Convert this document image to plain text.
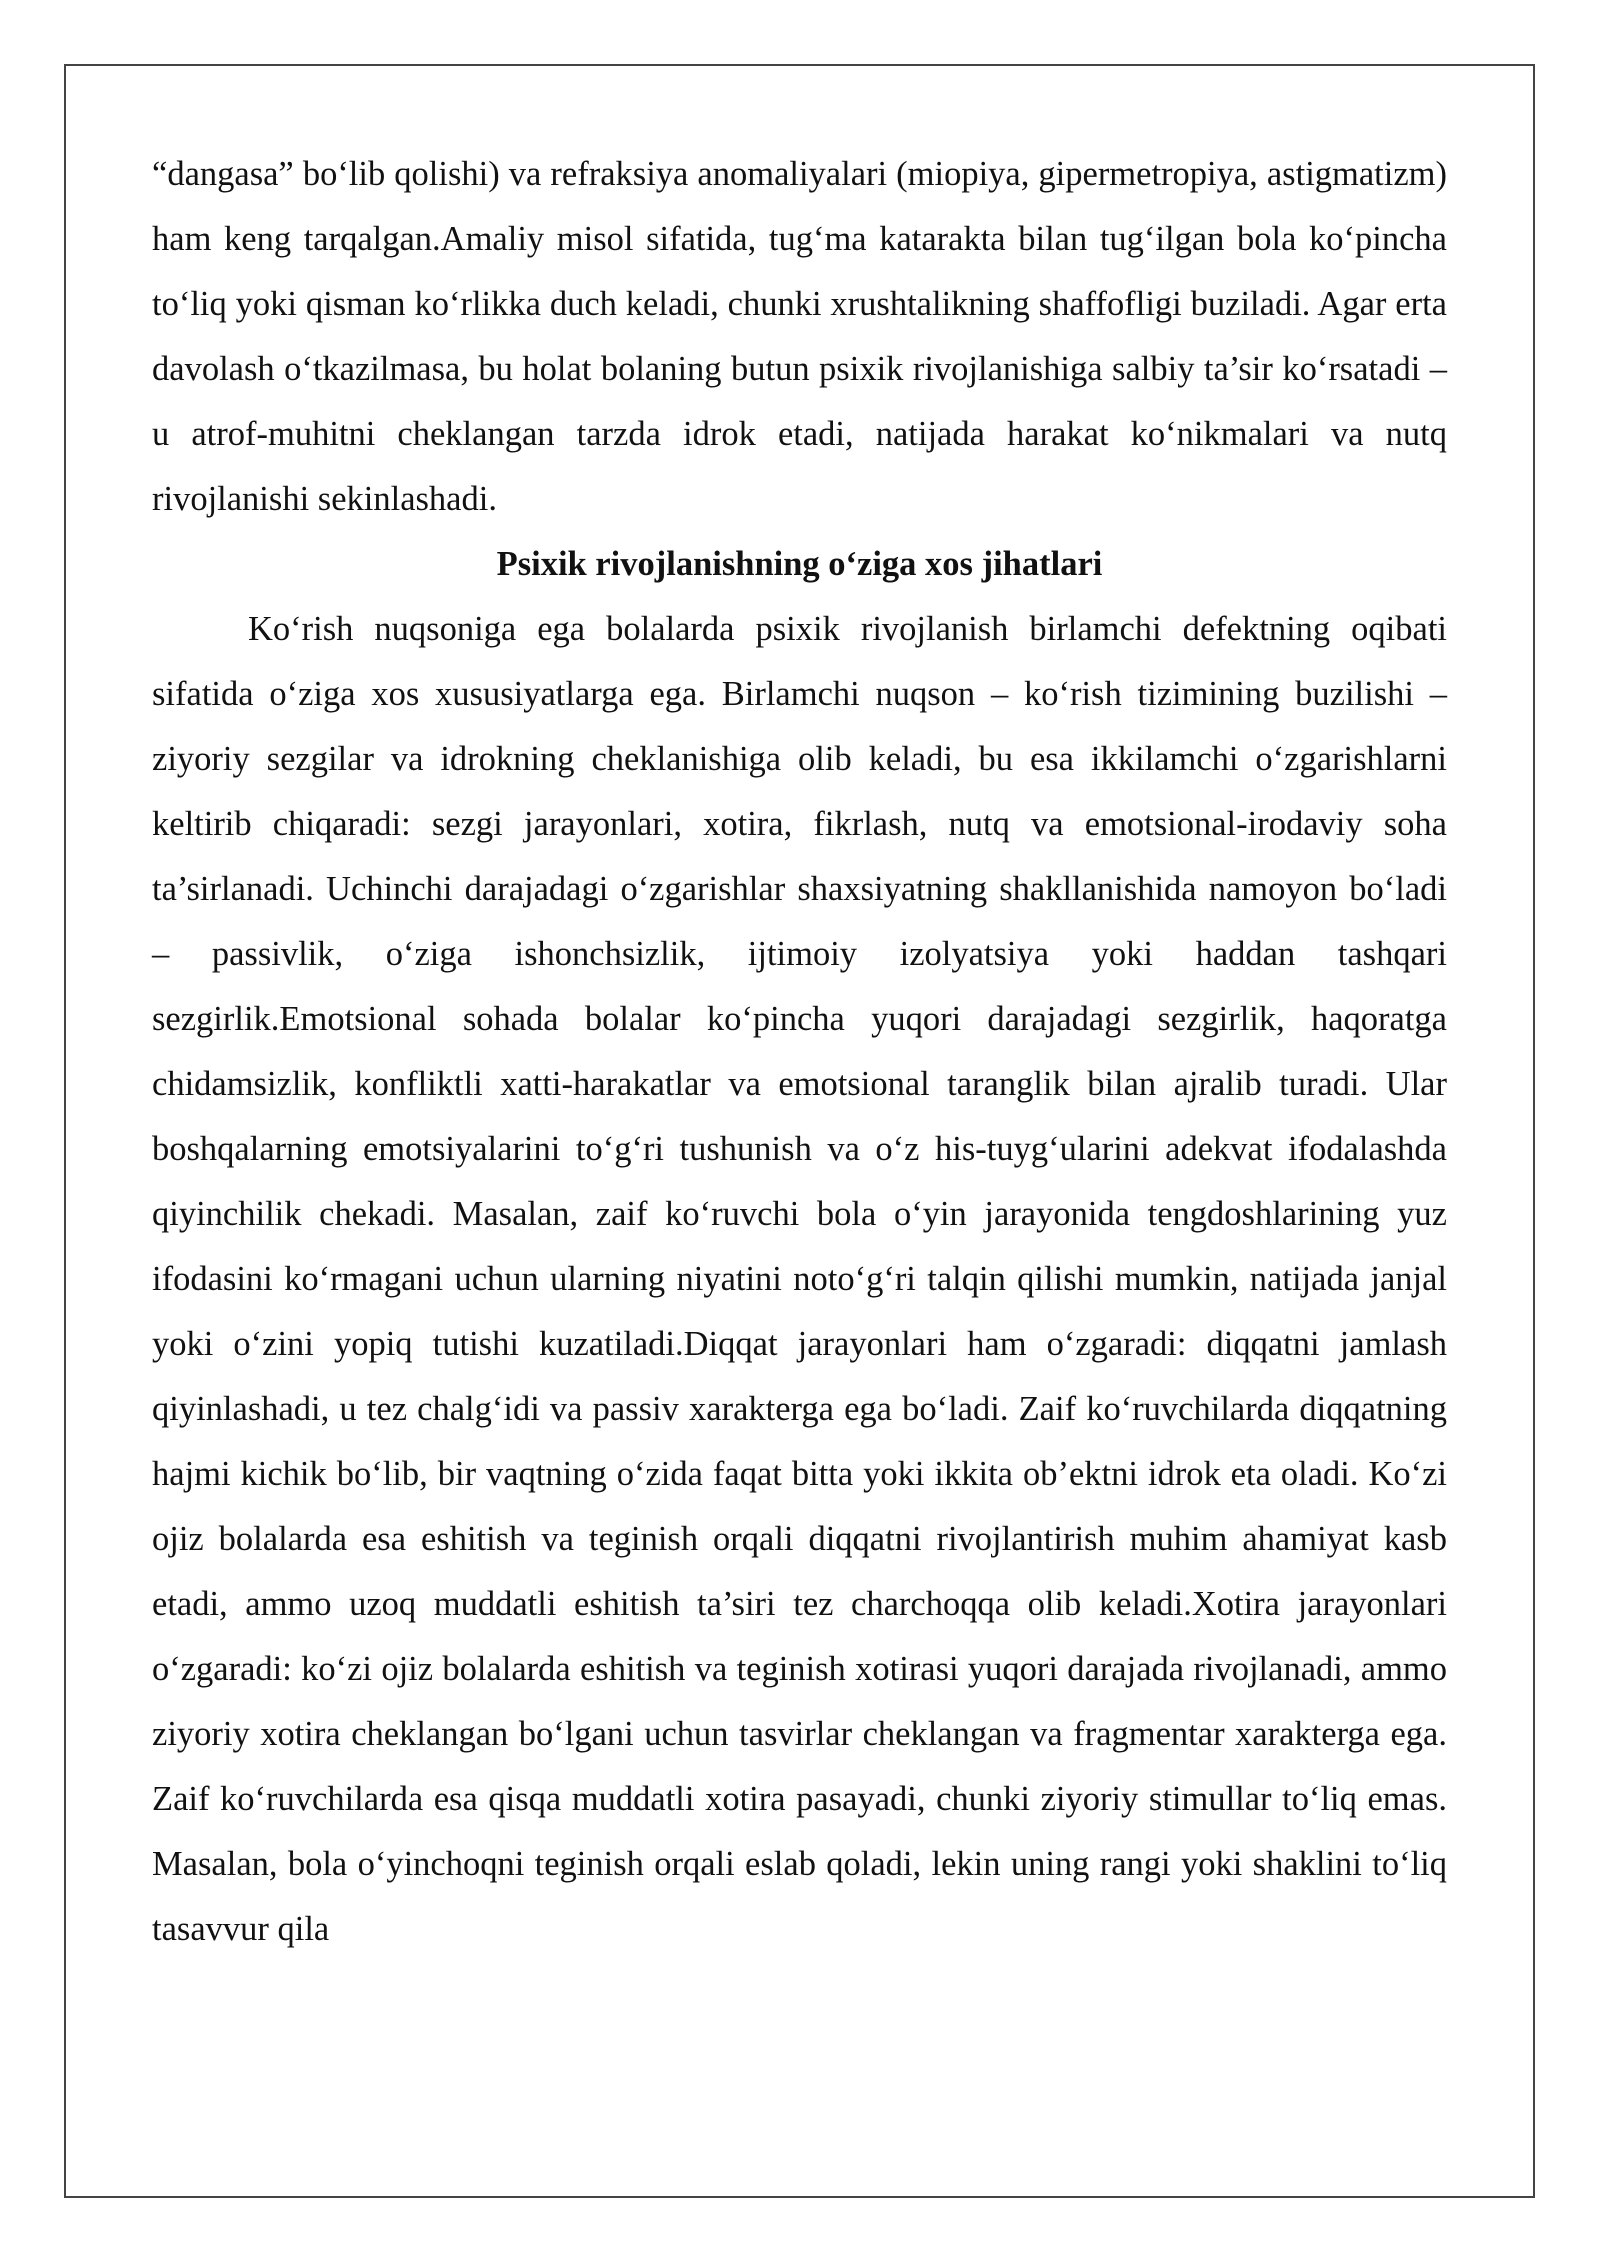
“dangasa” bo‘lib qolishi) va refraksiya anomaliyalari (miopiya, gipermetropiya, astigmatizm) ham keng tarqalgan.Amaliy misol sifatida, tug‘ma katarakta bilan tug‘ilgan bola ko‘pincha to‘liq yoki qisman ko‘rlikka duch keladi, chunki xrushtalikning shaffofligi buziladi. Agar erta davolash o‘tkazilmasa, bu holat bolaning butun psixik rivojlanishiga salbiy ta’sir ko‘rsatadi – u atrof-muhitni cheklangan tarzda idrok etadi, natijada harakat ko‘nikmalari va nutq rivojlanishi sekinlashadi.

Psixik rivojlanishning o‘ziga xos jihatlari

Ko‘rish nuqsoniga ega bolalarda psixik rivojlanish birlamchi defektning oqibati sifatida o‘ziga xos xususiyatlarga ega. Birlamchi nuqson – ko‘rish tizimining buzilishi – ziyoriy sezgilar va idrokning cheklanishiga olib keladi, bu esa ikkilamchi o‘zgarishlarni keltirib chiqaradi: sezgi jarayonlari, xotira, fikrlash, nutq va emotsional-irodaviy soha ta’sirlanadi. Uchinchi darajadagi o‘zgarishlar shaxsiyatning shakllanishida namoyon bo‘ladi – passivlik, o‘ziga ishonchsizlik, ijtimoiy izolyatsiya yoki haddan tashqari sezgirlik.Emotsional sohada bolalar ko‘pincha yuqori darajadagi sezgirlik, haqoratga chidamsizlik, konfliktli xatti-harakatlar va emotsional taranglik bilan ajralib turadi. Ular boshqalarning emotsiyalarini to‘g‘ri tushunish va o‘z his-tuyg‘ularini adekvat ifodalashda qiyinchilik chekadi. Masalan, zaif ko‘ruvchi bola o‘yin jarayonida tengdoshlarining yuz ifodasini ko‘rmagani uchun ularning niyatini noto‘g‘ri talqin qilishi mumkin, natijada janjal yoki o‘zini yopiq tutishi kuzatiladi.Diqqat jarayonlari ham o‘zgaradi: diqqatni jamlash qiyinlashadi, u tez chalg‘idi va passiv xarakterga ega bo‘ladi. Zaif ko‘ruvchilarda diqqatning hajmi kichik bo‘lib, bir vaqtning o‘zida faqat bitta yoki ikkita ob’ektni idrok eta oladi. Ko‘zi ojiz bolalarda esa eshitish va teginish orqali diqqatni rivojlantirish muhim ahamiyat kasb etadi, ammo uzoq muddatli eshitish ta’siri tez charchoqqa olib keladi.Xotira jarayonlari o‘zgaradi: ko‘zi ojiz bolalarda eshitish va teginish xotirasi yuqori darajada rivojlanadi, ammo ziyoriy xotira cheklangan bo‘lgani uchun tasvirlar cheklangan va fragmentar xarakterga ega. Zaif ko‘ruvchilarda esa qisqa muddatli xotira pasayadi, chunki ziyoriy stimullar to‘liq emas. Masalan, bola o‘yinchoqni teginish orqali eslab qoladi, lekin uning rangi yoki shaklini to‘liq tasavvur qila
